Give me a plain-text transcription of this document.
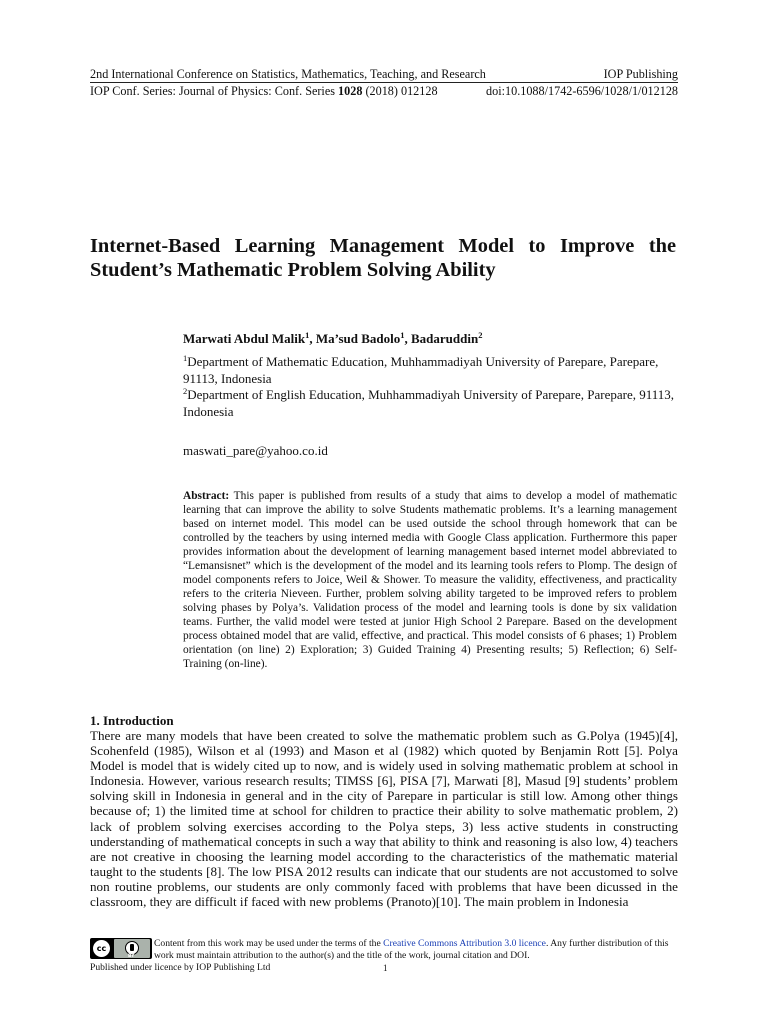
2nd International Conference on Statistics, Mathematics, Teaching, and Research	IOP Publishing
IOP Conf. Series: Journal of Physics: Conf. Series 1028 (2018) 012128	doi:10.1088/1742-6596/1028/1/012128
Internet-Based Learning Management Model to Improve the Student’s Mathematic Problem Solving Ability
Marwati Abdul Malik$^1$, Ma’sud Badolo$^1$, Badaruddin$^2$
$^1$Department of Mathematic Education, Muhhammadiyah University of Parepare, Parepare, 91113, Indonesia
$^2$Department of English Education, Muhhammadiyah University of Parepare, Parepare, 91113, Indonesia
maswati_pare@yahoo.co.id
Abstract: This paper is published from results of a study that aims to develop a model of mathematic learning that can improve the ability to solve Students mathematic problems. It’s a learning management based on internet model. This model can be used outside the school through homework that can be controlled by the teachers by using interned media with Google Class application. Furthermore this paper provides information about the development of learning management based internet model abbreviated to “Lemansisnet” which is the development of the model and its learning tools refers to Plomp. The design of model components refers to Joice, Weil & Shower. To measure the validity, effectiveness, and practicality refers to the criteria Nieveen. Further, problem solving ability targeted to be improved refers to problem solving phases by Polya’s. Validation process of the model and learning tools is done by six validation teams. Further, the valid model were tested at junior High School 2 Parepare. Based on the development process obtained model that are valid, effective, and practical. This model consists of 6 phases; 1) Problem orientation (on line) 2) Exploration; 3) Guided Training 4) Presenting results; 5) Reflection; 6) Self-Training (on-line).
1. Introduction
There are many models that have been created to solve the mathematic problem such as G.Polya (1945)[4], Scohenfeld (1985), Wilson et al (1993) and Mason et al (1982) which quoted by Benjamin Rott [5]. Polya Model is model that is widely cited up to now, and is widely used in solving mathematic problem at school in Indonesia. However, various research results; TIMSS [6], PISA [7], Marwati [8], Masud [9] students’ problem solving skill in Indonesia in general and in the city of Parepare in particular is still low. Among other things because of; 1) the limited time at school for children to practice their ability to solve mathematic problem, 2) lack of problem solving exercises according to the Polya steps, 3) less active students in constructing understanding of mathematical concepts in such a way that ability to think and reasoning is also low, 4) teachers are not creative in choosing the learning model according to the characteristics of the mathematic material taught to the students [8]. The low PISA 2012 results can indicate that our students are not accustomed to solve non routine problems, our students are only commonly faced with problems that have been dicussed in the classroom, they are difficult if faced with new problems (Pranoto)[10]. The main problem in Indonesia
cc
BY
Content from this work may be used under the terms of the Creative Commons Attribution 3.0 licence. Any further distribution of this work must maintain attribution to the author(s) and the title of the work, journal citation and DOI.
Published under licence by IOP Publishing Ltd	1
